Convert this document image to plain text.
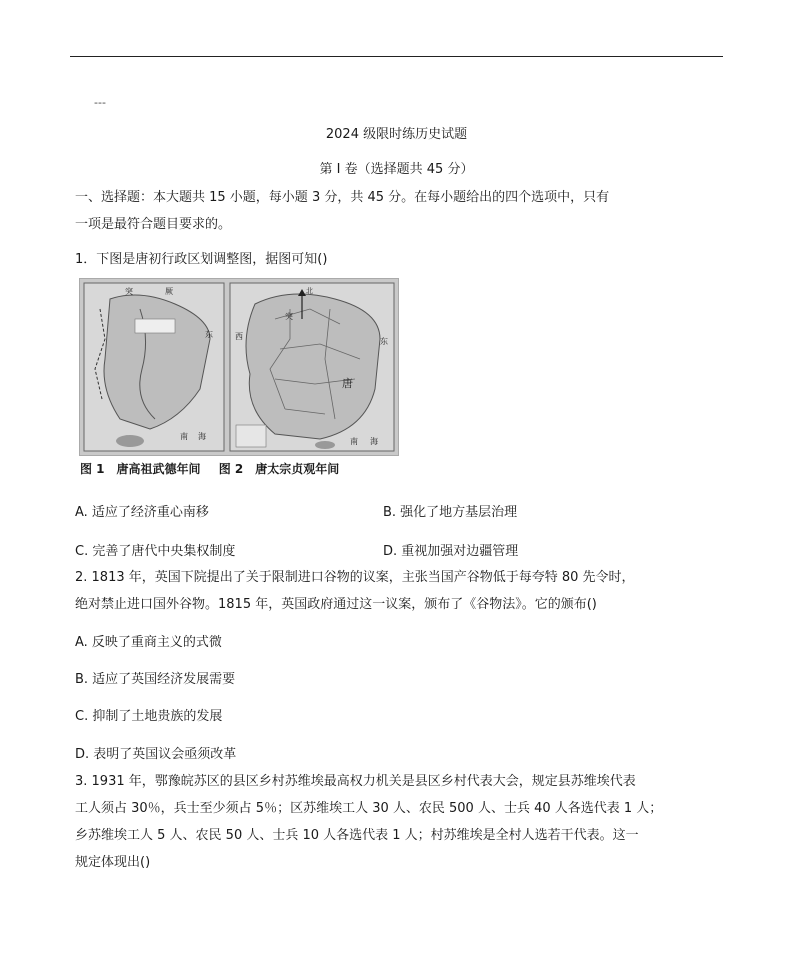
---
2024 级限时练历史试题
第 Ⅰ 卷（选择题共 45 分）
一、选择题：本大题共 15 小题，每小题 3 分，共 45 分。在每小题给出的四个选项中，只有
一项是最符合题目要求的。
1．下图是唐初行政区划调整图，据图可知()
突	厥
东
南 海
北
突
西
东
唐
南 海
图 1　唐高祖武德年间 图 2　唐太宗贞观年间
A. 适应了经济重心南移	B. 强化了地方基层治理
C. 完善了唐代中央集权制度	D. 重视加强对边疆管理
2. 1813 年，英国下院提出了关于限制进口谷物的议案，主张当国产谷物低于每夸特 80 先令时，
绝对禁止进口国外谷物。1815 年，英国政府通过这一议案，颁布了《谷物法》。它的颁布()
A. 反映了重商主义的式微
B. 适应了英国经济发展需要
C. 抑制了土地贵族的发展
D. 表明了英国议会亟须改革
3. 1931 年，鄂豫皖苏区的县区乡村苏维埃最高权力机关是县区乡村代表大会，规定县苏维埃代表
工人须占 30％，兵士至少须占 5％；区苏维埃工人 30 人、农民 500 人、士兵 40 人各选代表 1 人；
乡苏维埃工人 5 人、农民 50 人、士兵 10 人各选代表 1 人；村苏维埃是全村人选若干代表。这一
规定体现出()
